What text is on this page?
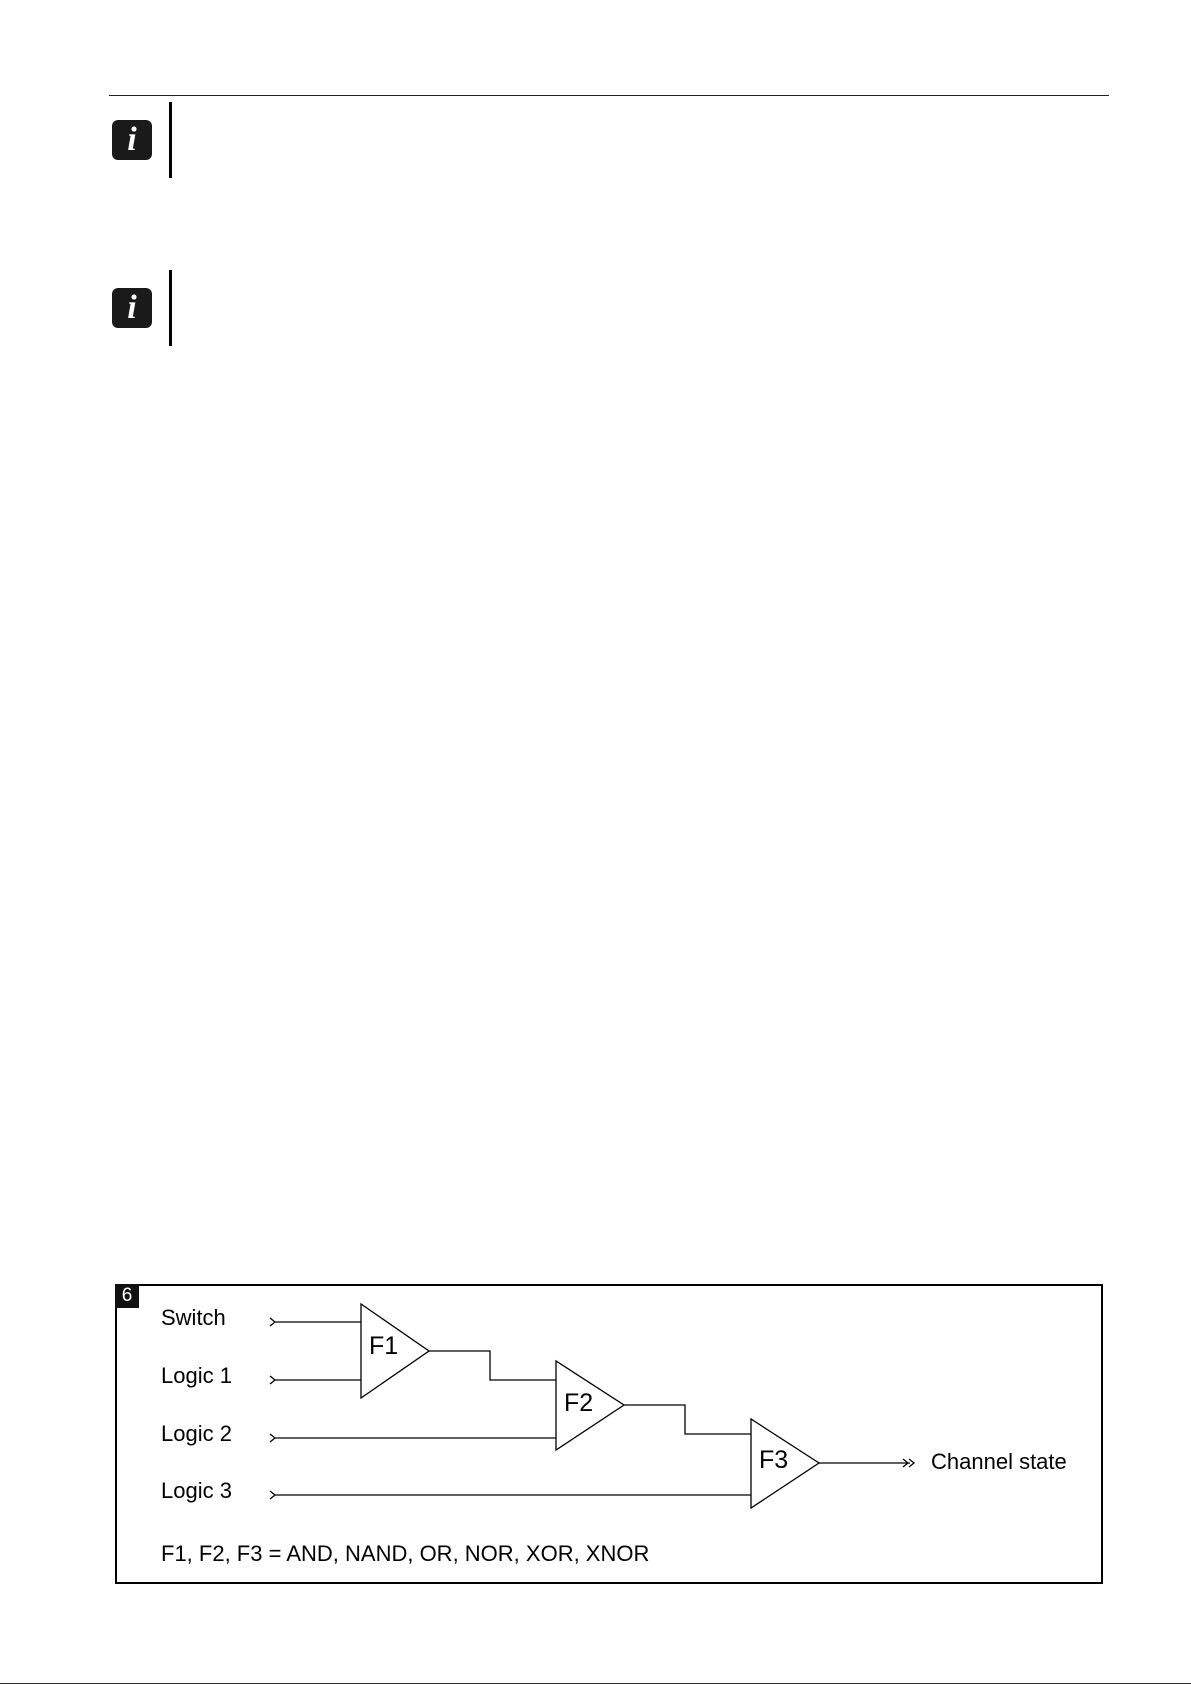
i
i
6
Switch
Logic 1
Logic 2
Logic 3
F1
F2
F3	Channel state
F1, F2, F3 = AND, NAND, OR, NOR, XOR, XNOR
